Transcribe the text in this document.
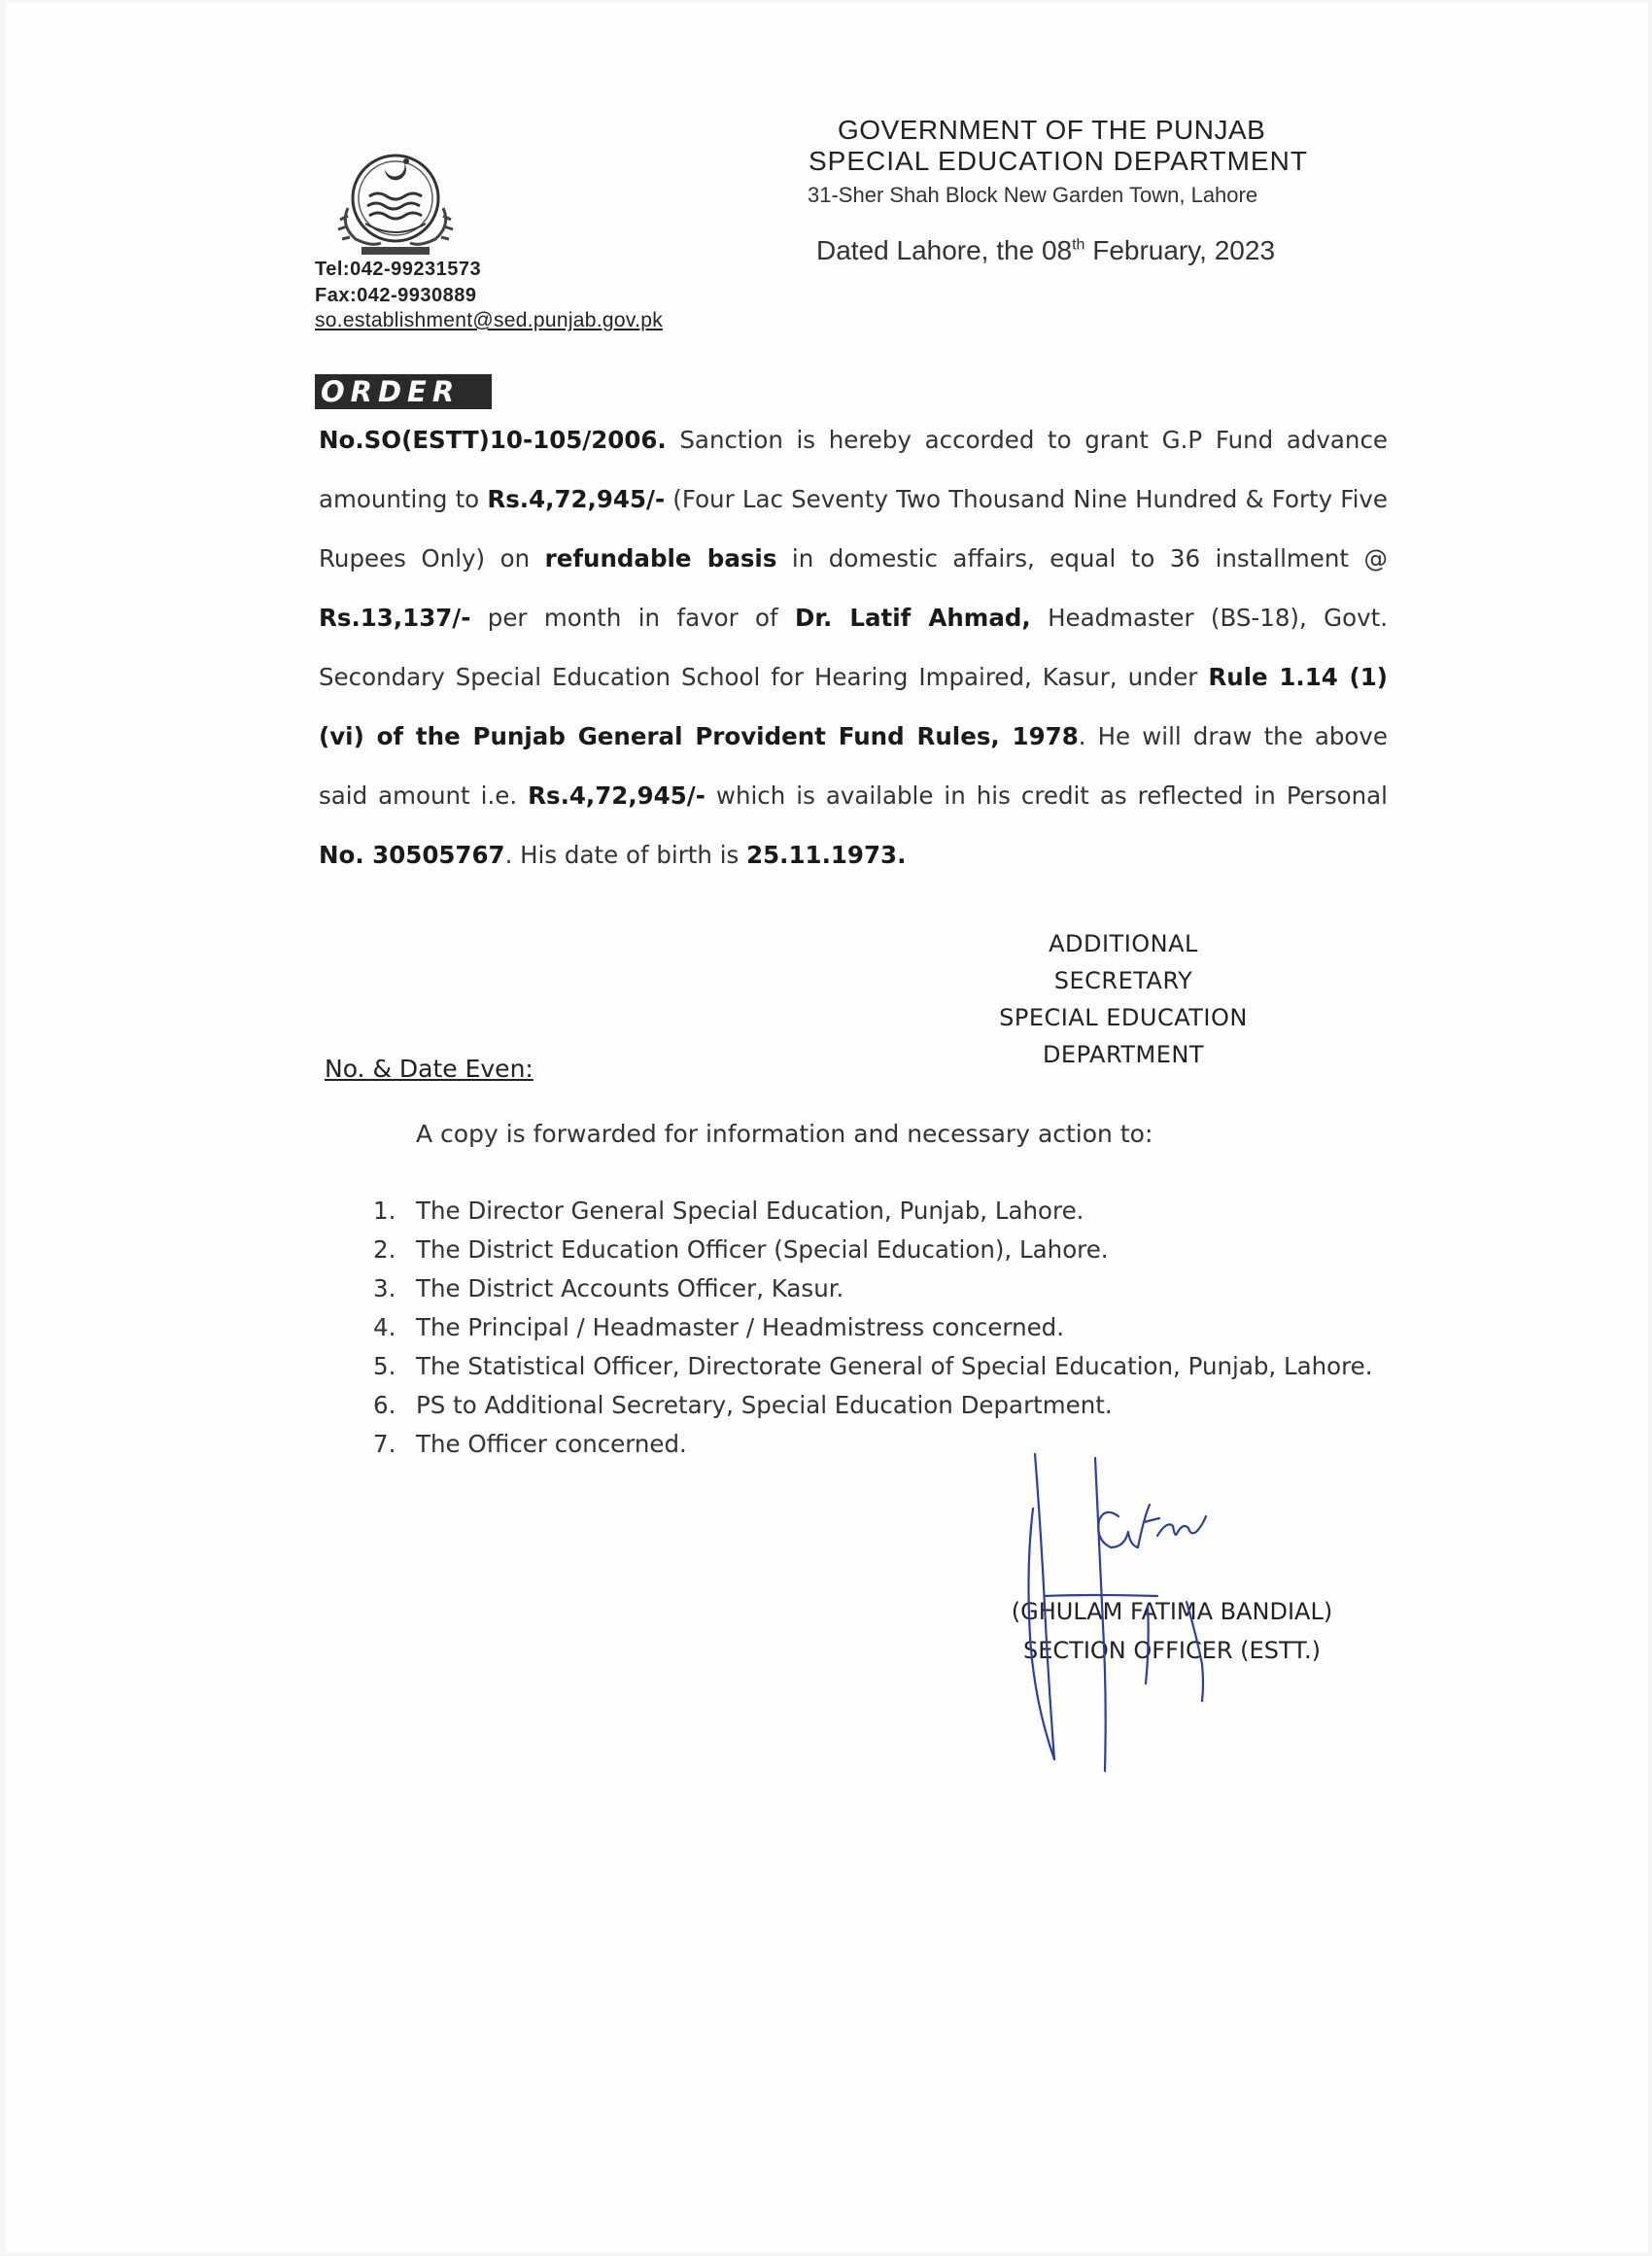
Tel:042-99231573
Fax:042-9930889
so.establishment@sed.punjab.gov.pk
GOVERNMENT OF THE PUNJAB
SPECIAL EDUCATION DEPARTMENT
31-Sher Shah Block New Garden Town, Lahore
Dated Lahore, the 08th February, 2023
ORDER
No.SO(ESTT)10-105/2006. Sanction is hereby accorded to grant G.P Fund advance amounting to Rs.4,72,945/- (Four Lac Seventy Two Thousand Nine Hundred & Forty Five Rupees Only) on refundable basis in domestic affairs, equal to 36 installment @ Rs.13,137/- per month in favor of Dr. Latif Ahmad, Headmaster (BS-18), Govt. Secondary Special Education School for Hearing Impaired, Kasur, under Rule 1.14 (1)(vi) of the Punjab General Provident Fund Rules, 1978. He will draw the above said amount i.e. Rs.4,72,945/- which is available in his credit as reflected in Personal No. 30505767. His date of birth is 25.11.1973.
ADDITIONAL SECRETARY
SPECIAL EDUCATION
DEPARTMENT
No. & Date Even:
A copy is forwarded for information and necessary action to:
1. The Director General Special Education, Punjab, Lahore.
2. The District Education Officer (Special Education), Lahore.
3. The District Accounts Officer, Kasur.
4. The Principal / Headmaster / Headmistress concerned.
5. The Statistical Officer, Directorate General of Special Education, Punjab, Lahore.
6. PS to Additional Secretary, Special Education Department.
7. The Officer concerned.
(GHULAM FATIMA BANDIAL)
SECTION OFFICER (ESTT.)
